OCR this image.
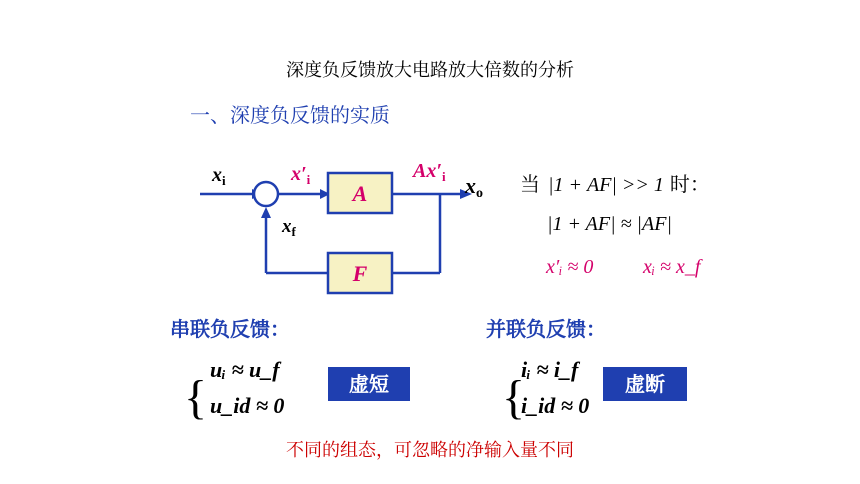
深度负反馈放大电路放大倍数的分析
一、深度负反馈的实质
$x_i$	$x'_i$
A
$Ax'_i$ xo
$x_f$
F
当 |1 + AF| >> 1 时：
|1 + AF| ≈ |AF|
x′ᵢ ≈ 0 xᵢ ≈ x_f
{
uᵢ ≈ u_f
u_id ≈ 0	{
iᵢ ≈ i_f
i_id ≈ 0
串联负反馈：	并联负反馈：
虚短	虚断
不同的组态，可忽略的净输入量不同
